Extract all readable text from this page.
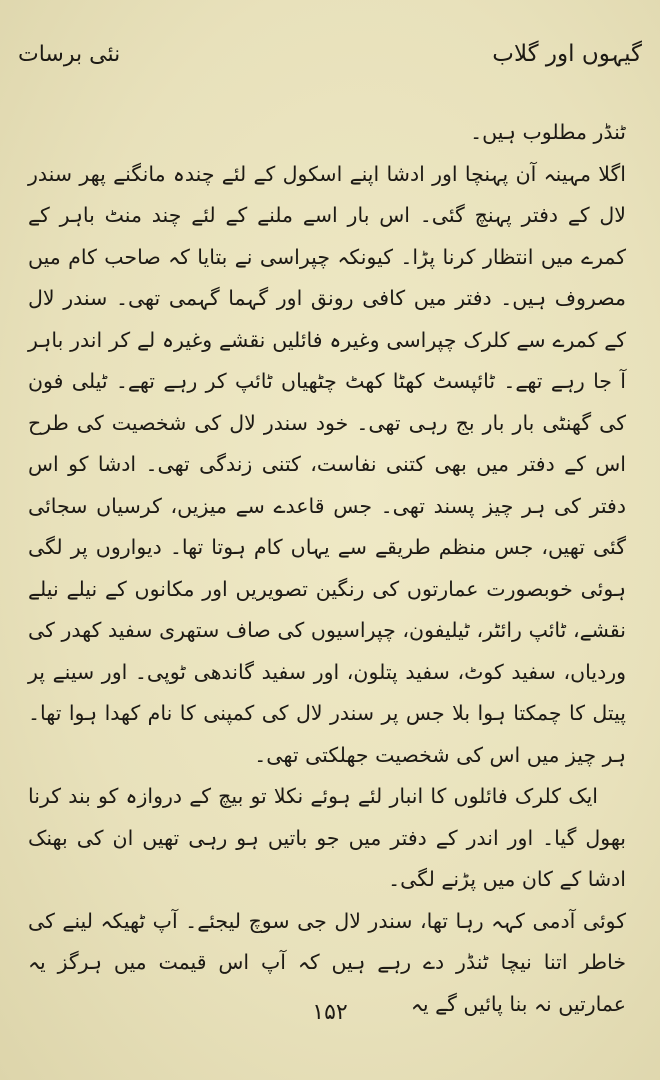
نئی برسات	گیہوں اور گلاب

ٹنڈر مطلوب ہیں۔

اگلا مہینہ آن پہنچا اور ادشا اپنے اسکول کے لئے چندہ مانگنے پھر سندر لال کے دفتر پہنچ گئی۔ اس بار اسے ملنے کے لئے چند منٹ باہر کے کمرے میں انتظار کرنا پڑا۔ کیونکہ چپراسی نے بتایا کہ صاحب کام میں مصروف ہیں۔ دفتر میں کافی رونق اور گہما گہمی تھی۔ سندر لال کے کمرے سے کلرک چپراسی وغیرہ فائلیں نقشے وغیرہ لے کر اندر باہر آ جا رہے تھے۔ ٹائپسٹ کھٹا کھٹ چٹھیاں ٹائپ کر رہے تھے۔ ٹیلی فون کی گھنٹی بار بار بج رہی تھی۔ خود سندر لال کی شخصیت کی طرح اس کے دفتر میں بھی کتنی نفاست، کتنی زندگی تھی۔ ادشا کو اس دفتر کی ہر چیز پسند تھی۔ جس قاعدے سے میزیں، کرسیاں سجائی گئی تھیں، جس منظم طریقے سے یہاں کام ہوتا تھا۔ دیواروں پر لگی ہوئی خوبصورت عمارتوں کی رنگین تصویریں اور مکانوں کے نیلے نیلے نقشے، ٹائپ رائٹر، ٹیلیفون، چپراسیوں کی صاف ستھری سفید کھدر کی وردیاں، سفید کوٹ، سفید پتلون، اور سفید گاندھی ٹوپی۔ اور سینے پر پیتل کا چمکتا ہوا بلا جس پر سندر لال کی کمپنی کا نام کھدا ہوا تھا۔ ہر چیز میں اس کی شخصیت جھلکتی تھی۔

ایک کلرک فائلوں کا انبار لئے ہوئے نکلا تو بیچ کے دروازہ کو بند کرنا بھول گیا۔ اور اندر کے دفتر میں جو باتیں ہو رہی تھیں ان کی بھنک ادشا کے کان میں پڑنے لگی۔

کوئی آدمی کہہ رہا تھا، سندر لال جی سوچ لیجئے۔ آپ ٹھیکہ لینے کی خاطر اتنا نیچا ٹنڈر دے رہے ہیں کہ آپ اس قیمت میں ہرگز یہ عمارتیں نہ بنا پائیں گے یہ

۱۵۲
